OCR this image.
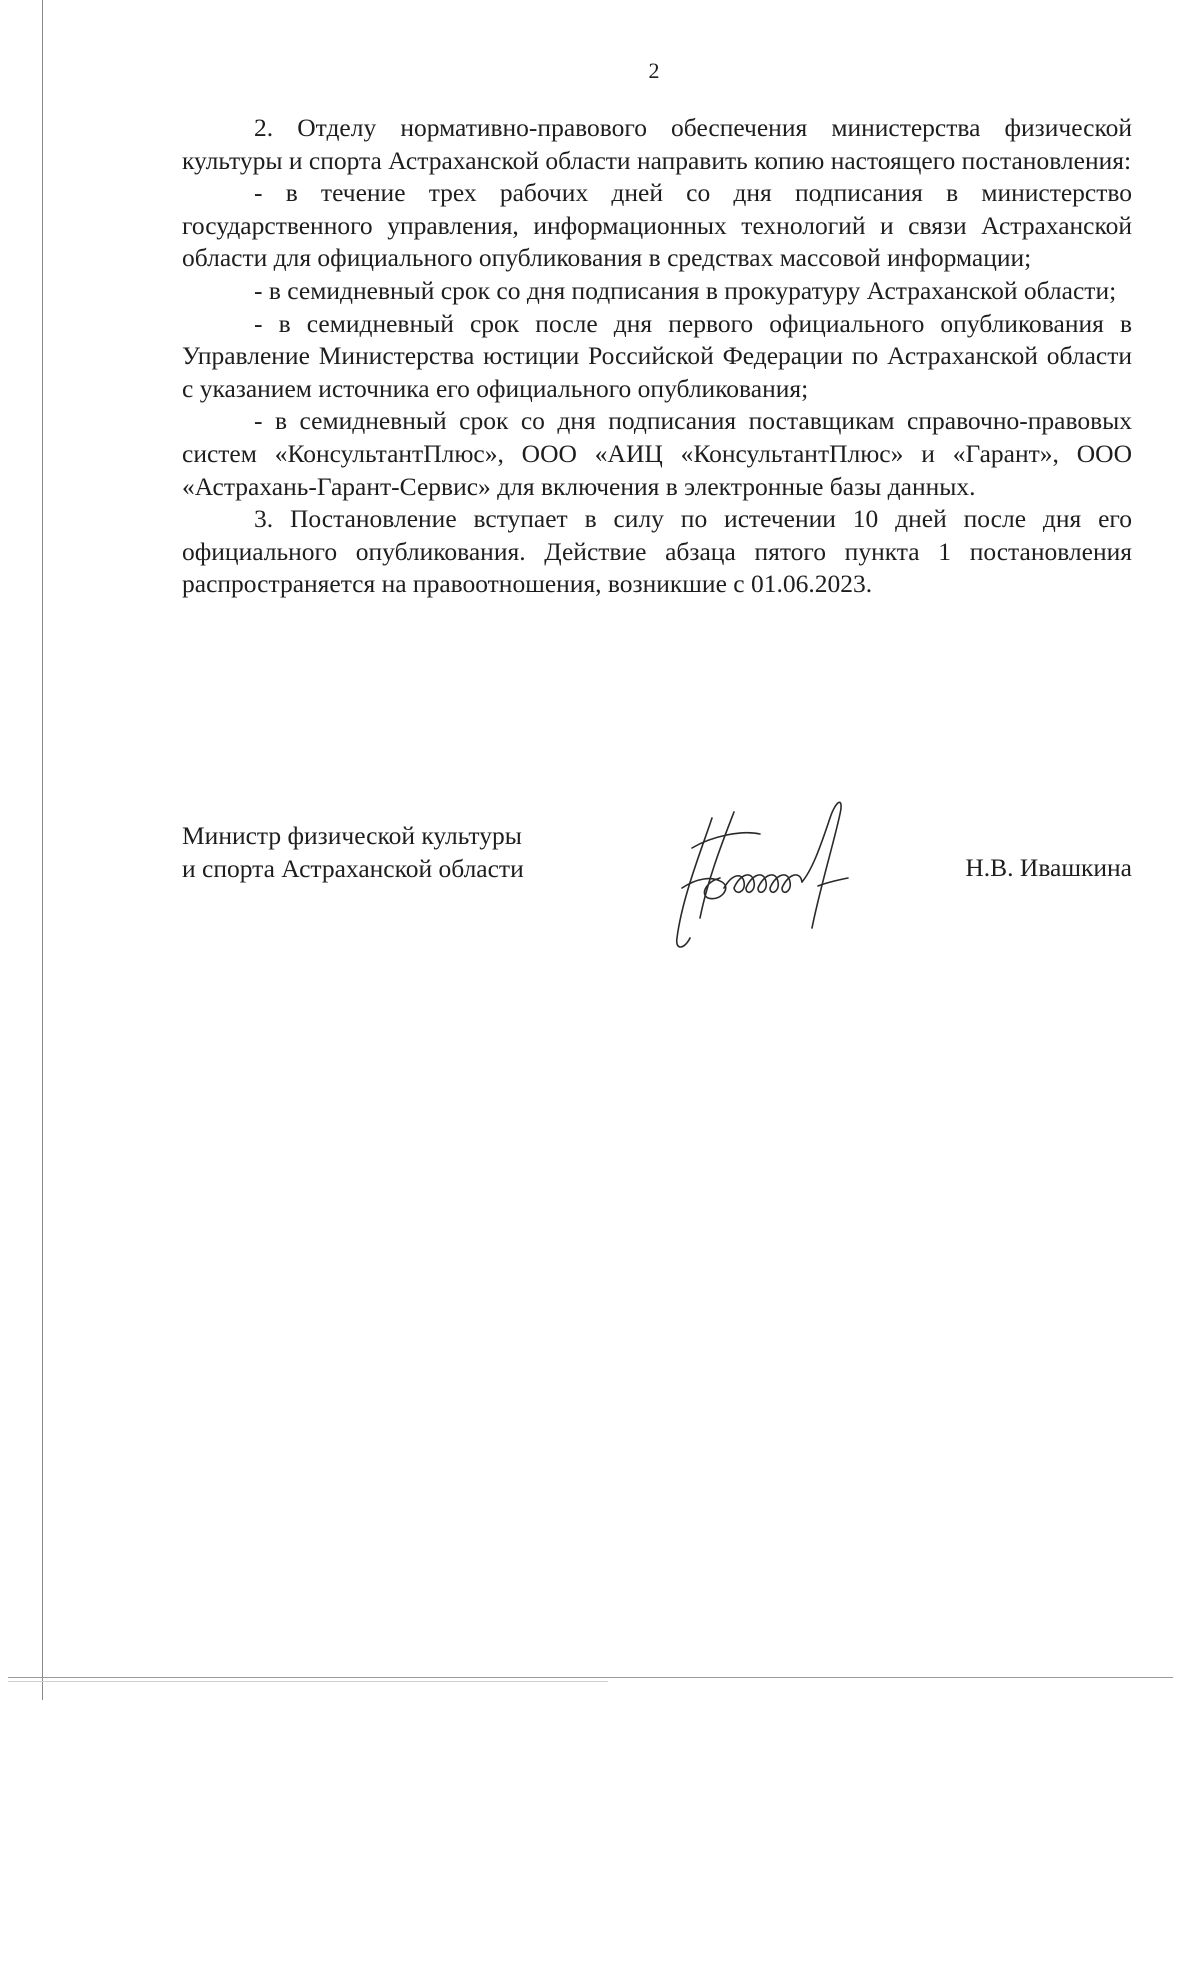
2

2. Отделу нормативно-правового обеспечения министерства физической культуры и спорта Астраханской области направить копию настоящего постановления:

- в течение трех рабочих дней со дня подписания в министерство государственного управления, информационных технологий и связи Астраханской области для официального опубликования в средствах массовой информации;

- в семидневный срок со дня подписания в прокуратуру Астраханской области;

- в семидневный срок после дня первого официального опубликования в Управление Министерства юстиции Российской Федерации по Астраханской области с указанием источника его официального опубликования;

- в семидневный срок со дня подписания поставщикам справочно-правовых систем «КонсультантПлюс», ООО «АИЦ «КонсультантПлюс» и «Гарант», ООО «Астрахань-Гарант-Сервис» для включения в электронные базы данных.

3. Постановление вступает в силу по истечении 10 дней после дня его официального опубликования. Действие абзаца пятого пункта 1 постановления распространяется на правоотношения, возникшие с 01.06.2023.

Министр физической культуры
и спорта Астраханской области	Н.В. Ивашкина
